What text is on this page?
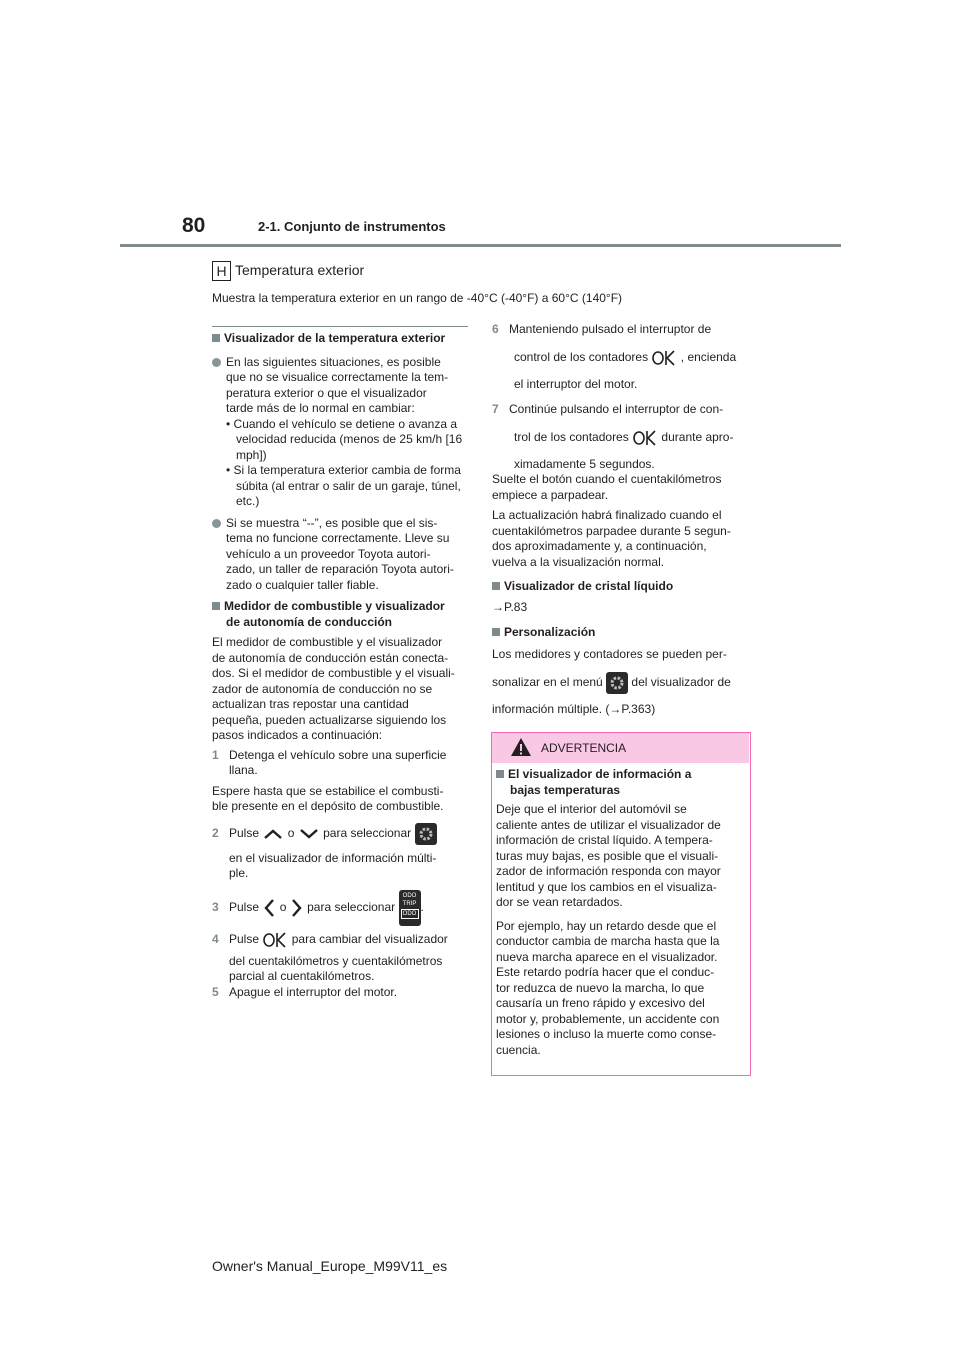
80	2-1. Conjunto de instrumentos
H Temperatura exterior
Muestra la temperatura exterior en un rango de -40°C (-40°F) a 60°C (140°F)

Visualizador de la temperatura exterior

En las siguientes situaciones, es posible

que no se visualice correctamente la tem-

peratura exterior o que el visualizador

tarde más de lo normal en cambiar:

• Cuando el vehículo se detiene o avanza a

velocidad reducida (menos de 25 km/h [16

mph])

• Si la temperatura exterior cambia de forma

súbita (al entrar o salir de un garaje, túnel,

etc.)

Si se muestra “--”, es posible que el sis-

tema no funcione correctamente. Lleve su

vehículo a un proveedor Toyota autori-

zado, un taller de reparación Toyota autori-

zado o cualquier taller fiable.

Medidor de combustible y visualizador

de autonomía de conducción

El medidor de combustible y el visualizador

de autonomía de conducción están conecta-

dos. Si el medidor de combustible y el visuali-

zador de autonomía de conducción no se

actualizan tras repostar una cantidad

pequeña, pueden actualizarse siguiendo los

pasos indicados a continuación:

1 Detenga el vehículo sobre una superficie

llana.

Espere hasta que se estabilice el combusti-

ble presente en el depósito de combustible.

2 Pulse o para seleccionar

en el visualizador de información múlti-

ple.

3 Pulse o para seleccionar
ODO
TRIP
ODO .

4 Pulse	para cambiar del visualizador

del cuentakilómetros y cuentakilómetros

parcial al cuentakilómetros.

5 Apague el interruptor del motor.

6 Manteniendo pulsado el interruptor de

control de los contadores	, encienda

el interruptor del motor.

7 Continúe pulsando el interruptor de con-

trol de los contadores	durante apro-

ximadamente 5 segundos.

Suelte el botón cuando el cuentakilómetros

empiece a parpadear.

La actualización habrá finalizado cuando el

cuentakilómetros parpadee durante 5 segun-

dos aproximadamente y, a continuación,

vuelva a la visualización normal.

Visualizador de cristal líquido

→P.83

Personalización

Los medidores y contadores se pueden per-

sonalizar en el menú del visualizador de

información múltiple. (→P.363)

ADVERTENCIA

El visualizador de información a

bajas temperaturas

Deje que el interior del automóvil se

caliente antes de utilizar el visualizador de

información de cristal líquido. A tempera-

turas muy bajas, es posible que el visuali-

zador de información responda con mayor

lentitud y que los cambios en el visualiza-

dor se vean retardados.

Por ejemplo, hay un retardo desde que el

conductor cambia de marcha hasta que la

nueva marcha aparece en el visualizador.

Este retardo podría hacer que el conduc-

tor reduzca de nuevo la marcha, lo que

causaría un freno rápido y excesivo del

motor y, probablemente, un accidente con

lesiones o incluso la muerte como conse-

cuencia.

Owner's Manual_Europe_M99V11_es
